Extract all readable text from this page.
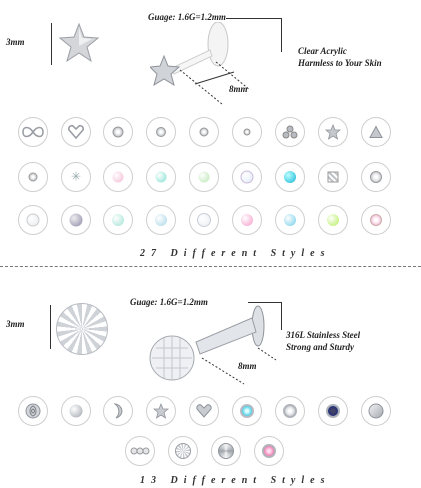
3mm
Guage: 1.6G=1.2mm
8mm
Clear Acrylic
Harmless to Your Skin
✳
27 Different Styles
3mm
Guage: 1.6G=1.2mm
8mm
316L Stainless Steel
Strong and Sturdy
13 Different Styles
